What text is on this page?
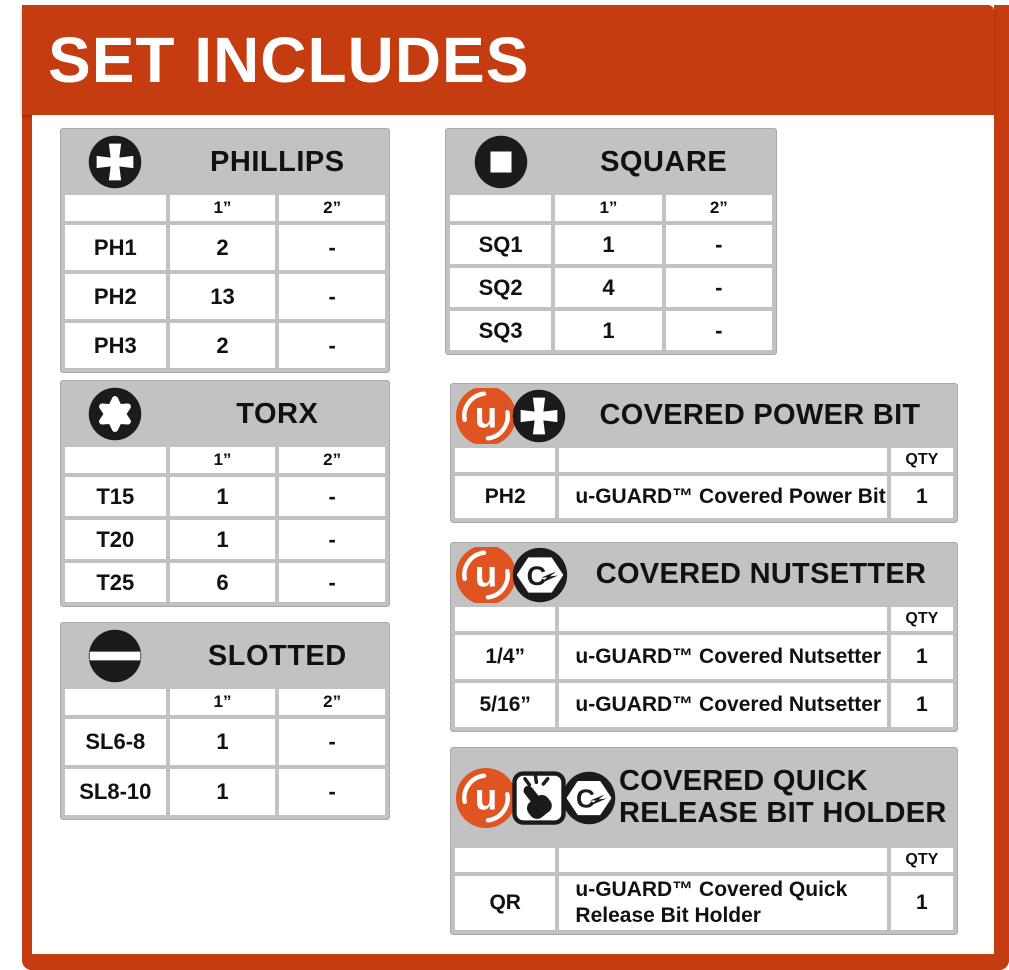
SET INCLUDES
	PHILLIPS	
	1”	2”
PH1	2	-
PH2	13	-
PH3	2	-
	TORX	
	1”	2”
T15	1	-
T20	1	-
T25	6	-
	SLOTTED	
	1”	2”
SL6-8	1	-
SL8-10	1	-
	SQUARE	
	1”	2”
SQ1	1	-
SQ2	4	-
SQ3	1	-
COVERED POWER BIT		

		QTY
PH2	u-GUARD™ Covered Power Bit	1
COVERED NUTSETTER		

		QTY
1/4”	u-GUARD™ Covered Nutsetter	1
5/16”	u-GUARD™ Covered Nutsetter	1
COVERED QUICK RELEASE BIT HOLDER		

		QTY
QR	u-GUARD™ Covered Quick Release Bit Holder	1
